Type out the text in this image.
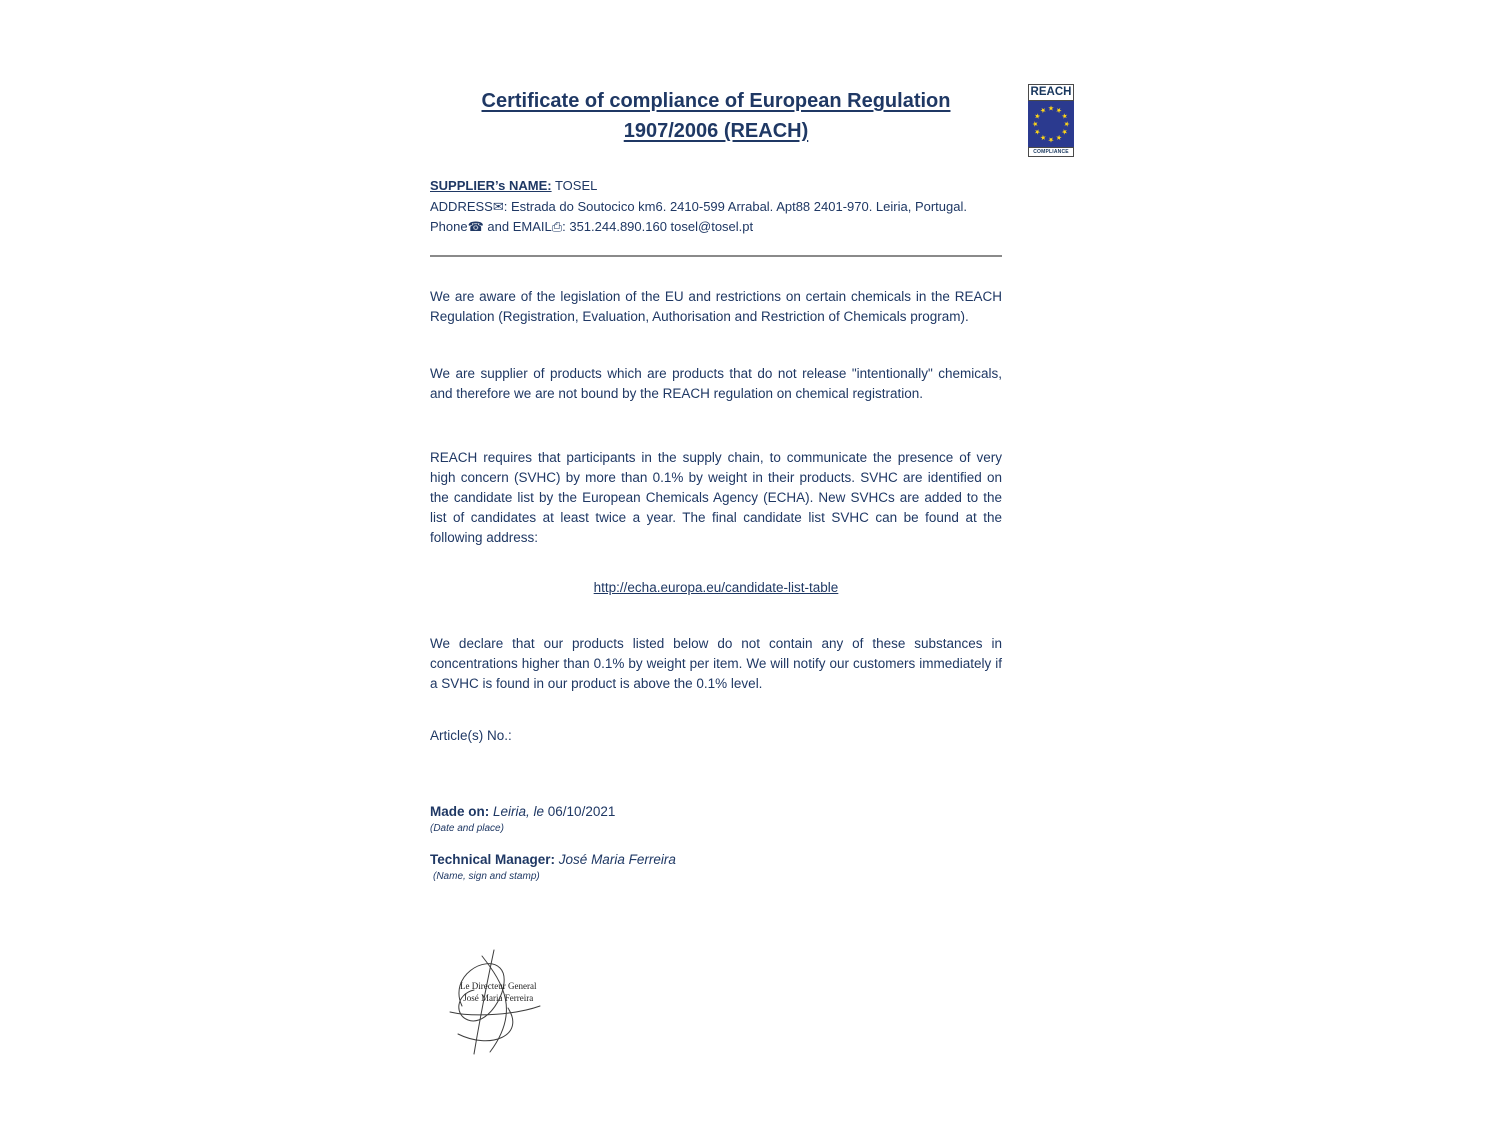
REACH
★ ★
★
★
★
★
★
★
★
★
★
★
COMPLIANCE
Certificate of compliance of European Regulation
1907/2006 (REACH)

SUPPLIER’s NAME: TOSEL

ADDRESS✉: Estrada do Soutocico km6. 2410-599 Arrabal. Apt88 2401-970. Leiria, Portugal.

Phone☎ and EMAIL⎙: 351.244.890.160 tosel@tosel.pt

We are aware of the legislation of the EU and restrictions on certain chemicals in the REACH Regulation (Registration, Evaluation, Authorisation and Restriction of Chemicals program).

We are supplier of products which are products that do not release "intentionally" chemicals, and therefore we are not bound by the REACH regulation on chemical registration.

REACH requires that participants in the supply chain, to communicate the presence of very high concern (SVHC) by more than 0.1% by weight in their products. SVHC are identified on the candidate list by the European Chemicals Agency (ECHA). New SVHCs are added to the list of candidates at least twice a year. The final candidate list SVHC can be found at the following address:

http://echa.europa.eu/candidate-list-table

We declare that our products listed below do not contain any of these substances in concentrations higher than 0.1% by weight per item. We will notify our customers immediately if a SVHC is found in our product is above the 0.1% level.

Article(s) No.:

Made on: Leiria, le 06/10/2021
(Date and place)
Technical Manager: José Maria Ferreira
(Name, sign and stamp)
Le Directeur General
José Maria Ferreira
